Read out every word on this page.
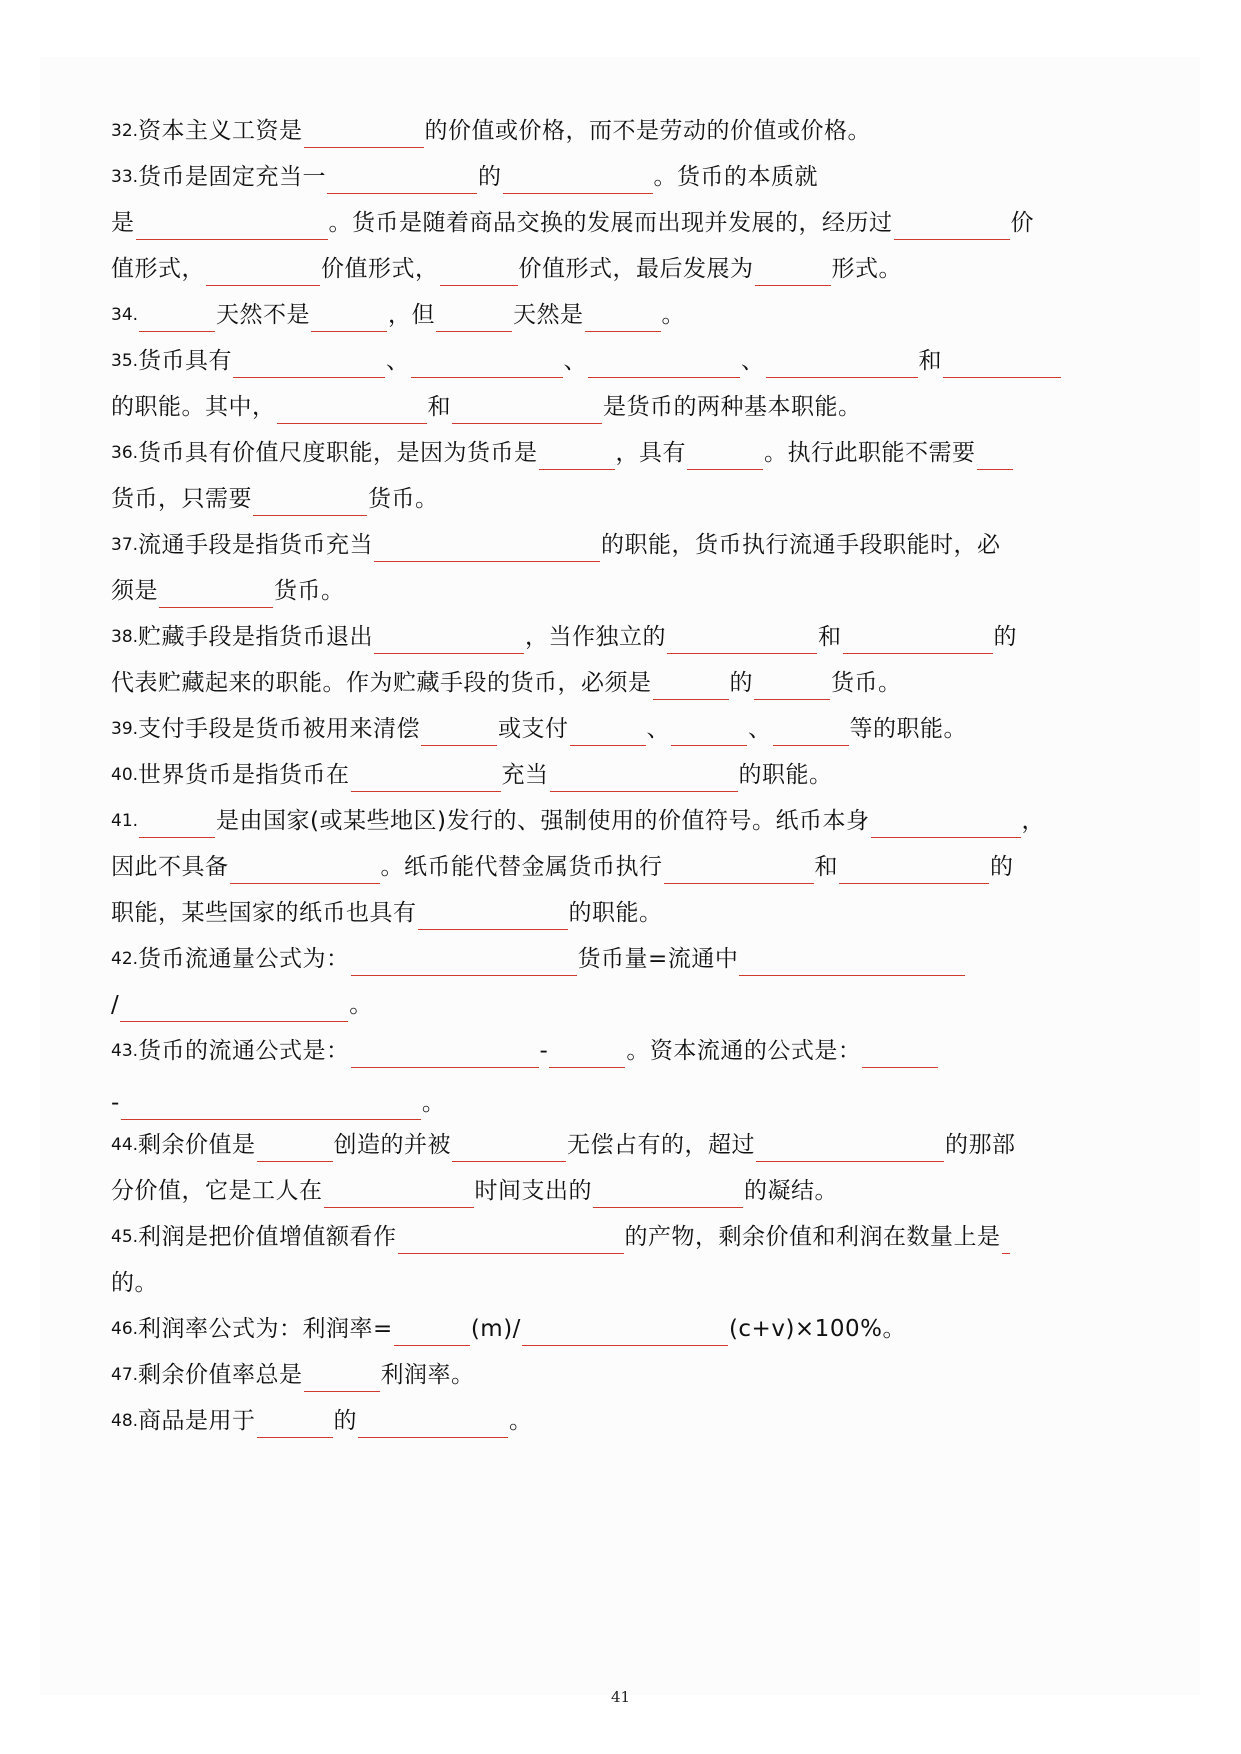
32.资本主义工资是	的价值或价格，而不是劳动的价值或价格。
33.货币是固定充当一	的	。货币的本质就
是	。货币是随着商品交换的发展而出现并发展的，经历过	价
值形式，	价值形式，	价值形式，最后发展为	形式。
34.	天然不是	，但	天然是	。
35.货币具有	、	、	、	和
的职能。其中，	和	是货币的两种基本职能。
36.货币具有价值尺度职能，是因为货币是	，具有	。执行此职能不需要
货币，只需要	货币。
37.流通手段是指货币充当	的职能，货币执行流通手段职能时，必
须是	货币。
38.贮藏手段是指货币退出	，当作独立的	和	的
代表贮藏起来的职能。作为贮藏手段的货币，必须是	的	货币。
39.支付手段是货币被用来清偿	或支付	、	、	等的职能。
40.世界货币是指货币在	充当	的职能。
41.	是由国家(或某些地区)发行的、强制使用的价值符号。纸币本身	，
因此不具备	。纸币能代替金属货币执行	和	的
职能，某些国家的纸币也具有	的职能。
42.货币流通量公式为：	货币量=流通中
/	。
43.货币的流通公式是：	-	。资本流通的公式是：
-	。
44.剩余价值是	创造的并被	无偿占有的，超过	的那部
分价值，它是工人在	时间支出的	的凝结。
45.利润是把价值增值额看作	的产物，剩余价值和利润在数量上是
的。
46.利润率公式为：利润率=	(m)/	(c+v)×100%。
47.剩余价值率总是	利润率。
48.商品是用于	的	。
41
